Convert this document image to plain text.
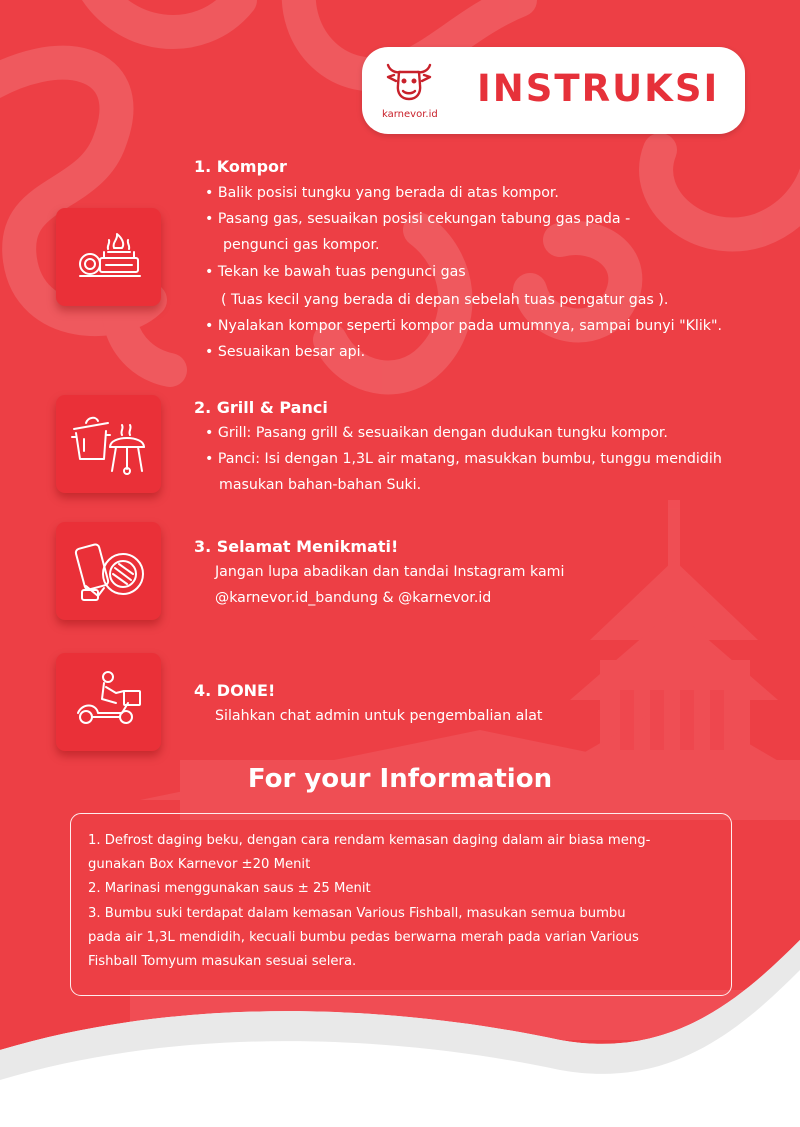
karnevor.id
INSTRUKSI
1. Kompor
• Balik posisi tungku yang berada di atas kompor.
• Pasang gas, sesuaikan posisi cekungan tabung gas pada -
pengunci gas kompor.
• Tekan ke bawah tuas pengunci gas
( Tuas kecil yang berada di depan sebelah tuas pengatur gas ).
• Nyalakan kompor seperti kompor pada umumnya, sampai bunyi "Klik".
• Sesuaikan besar api.
2. Grill & Panci
• Grill: Pasang grill & sesuaikan dengan dudukan tungku kompor.
• Panci: Isi dengan 1,3L air matang, masukkan bumbu, tunggu mendidih
masukan bahan-bahan Suki.
3. Selamat Menikmati!
Jangan lupa abadikan dan tandai Instagram kami
@karnevor.id_bandung & @karnevor.id
4. DONE!
Silahkan chat admin untuk pengembalian alat
For your Information
1. Defrost daging beku, dengan cara rendam kemasan daging dalam air biasa meng-
gunakan Box Karnevor ±20 Menit
2. Marinasi menggunakan saus ± 25 Menit
3. Bumbu suki terdapat dalam kemasan Various Fishball, masukan semua bumbu
pada air 1,3L mendidih, kecuali bumbu pedas berwarna merah pada varian Various
Fishball Tomyum masukan sesuai selera.
